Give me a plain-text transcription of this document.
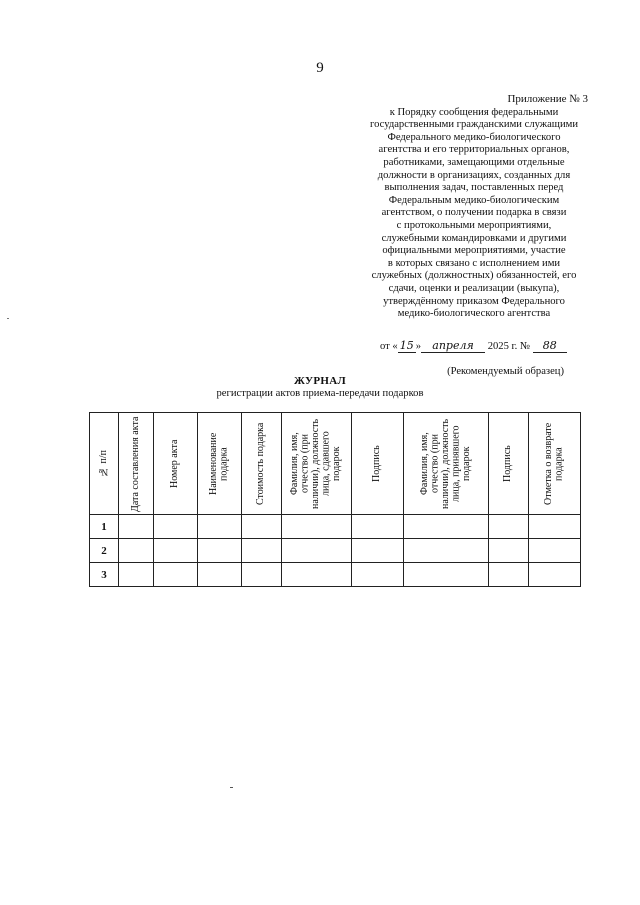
9
Приложение № 3
к Порядку сообщения федеральными
государственными гражданскими служащими
Федерального медико-биологического
агентства и его территориальных органов,
работниками, замещающими отдельные
должности в организациях, созданных для
выполнения задач, поставленных перед
Федеральным медико-биологическим
агентством, о получении подарка в связи
с протокольными мероприятиями,
служебными командировками и другими
официальными мероприятиями, участие
в которых связано с исполнением ими
служебных (должностных) обязанностей, его
сдачи, оценки и реализации (выкупа),
утверждённому приказом Федерального
медико-биологического агентства
от « 15 » апреля 2025 г. № 88
(Рекомендуемый образец)
ЖУРНАЛ
регистрации актов приема-передачи подарков
№ п/п	Дата составления акта	Номер акта	Наименование подарка	Стоимость подарка	Фамилия, имя, отчество (при наличии), должность лица, сдавшего подарок	Подпись	Фамилия, имя, отчество (при наличии), должность лица, принявшего подарок	Подпись	Отметка о возврате подарка

1									
2									
3									
